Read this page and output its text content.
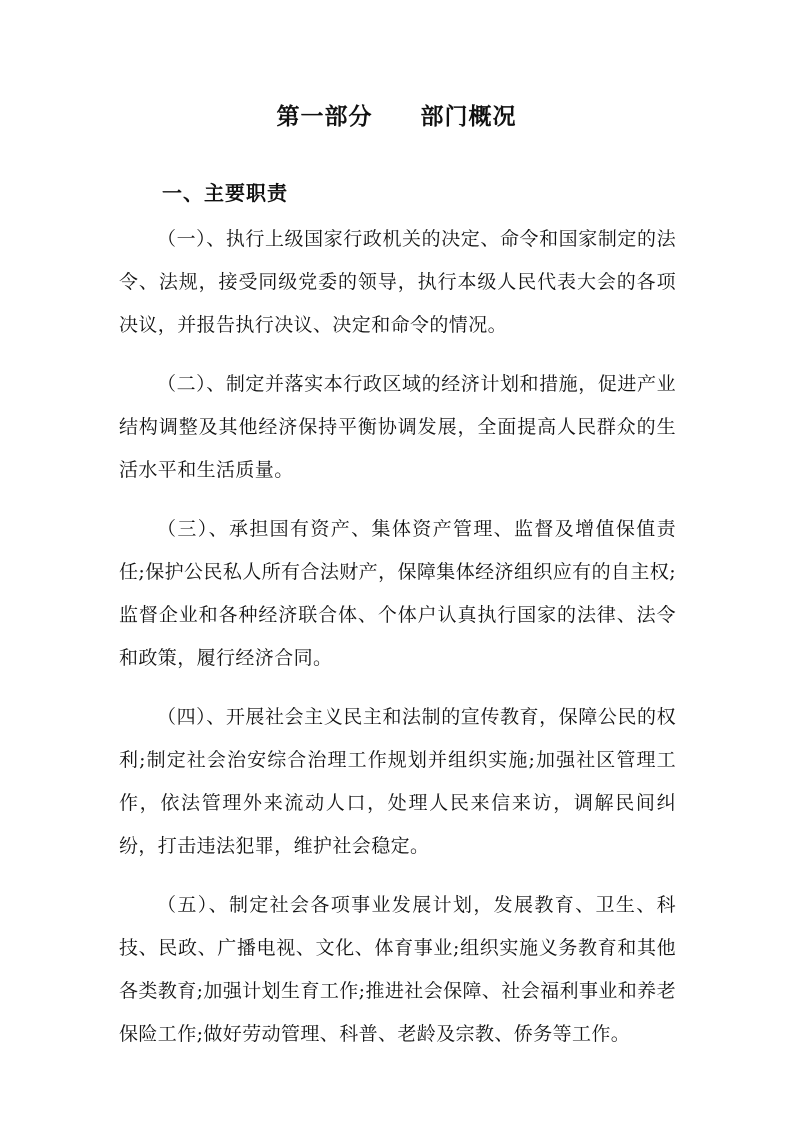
第一部分　　部门概况
一、主要职责

（一）、执行上级国家行政机关的决定、命令和国家制定的法令、法规，接受同级党委的领导，执行本级人民代表大会的各项决议，并报告执行决议、决定和命令的情况。

（二）、制定并落实本行政区域的经济计划和措施，促进产业结构调整及其他经济保持平衡协调发展，全面提高人民群众的生活水平和生活质量。

（三）、承担国有资产、集体资产管理、监督及增值保值责任;保护公民私人所有合法财产，保障集体经济组织应有的自主权;监督企业和各种经济联合体、个体户认真执行国家的法律、法令和政策，履行经济合同。

（四）、开展社会主义民主和法制的宣传教育，保障公民的权利;制定社会治安综合治理工作规划并组织实施;加强社区管理工作，依法管理外来流动人口，处理人民来信来访，调解民间纠纷，打击违法犯罪，维护社会稳定。

（五）、制定社会各项事业发展计划，发展教育、卫生、科技、民政、广播电视、文化、体育事业;组织实施义务教育和其他各类教育;加强计划生育工作;推进社会保障、社会福利事业和养老保险工作;做好劳动管理、科普、老龄及宗教、侨务等工作。
